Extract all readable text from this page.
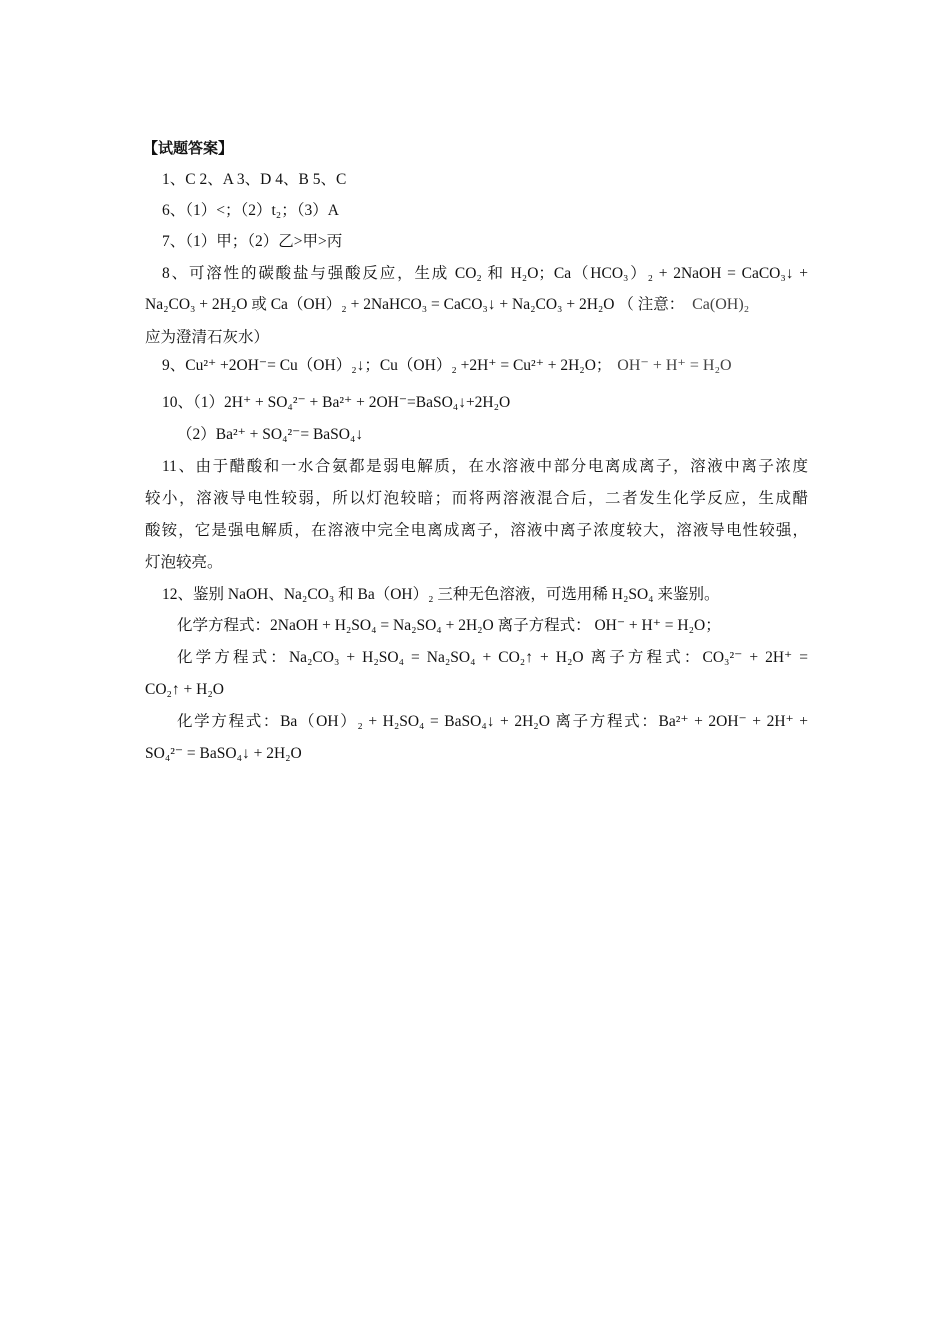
【试题答案】
1、C 2、A 3、D 4、B 5、C
6、（1）<；（2）t₂；（3）A
7、（1）甲；（2）乙>甲>丙
8、可溶性的碳酸盐与强酸反应，生成 CO₂ 和 H₂O；Ca（HCO₃）₂ + 2NaOH = CaCO₃↓ +
Na₂CO₃ + 2H₂O 或 Ca（OH）₂ + 2NaHCO₃ = CaCO₃↓ + Na₂CO₃ + 2H₂O （ 注意： Ca(OH)₂
应为澄清石灰水）
9、Cu²⁺ +2OH⁻= Cu（OH）₂↓；Cu（OH）₂ +2H⁺ = Cu²⁺ + 2H₂O； OH⁻ + H⁺ = H₂O
10、（1）2H⁺ + SO₄²⁻ + Ba²⁺ + 2OH⁻=BaSO₄↓+2H₂O
（2）Ba²⁺ + SO₄²⁻= BaSO₄↓
11、由于醋酸和一水合氨都是弱电解质，在水溶液中部分电离成离子，溶液中离子浓度
较小，溶液导电性较弱，所以灯泡较暗；而将两溶液混合后，二者发生化学反应，生成醋
酸铵，它是强电解质，在溶液中完全电离成离子，溶液中离子浓度较大，溶液导电性较强，
灯泡较亮。
12、鉴别 NaOH、Na₂CO₃ 和 Ba（OH）₂ 三种无色溶液，可选用稀 H₂SO₄ 来鉴别。
化学方程式：2NaOH + H₂SO₄ = Na₂SO₄ + 2H₂O 离子方程式： OH⁻ + H⁺ = H₂O；
化学方程式：Na₂CO₃ + H₂SO₄ = Na₂SO₄ + CO₂↑ + H₂O 离子方程式：CO₃²⁻ + 2H⁺ =
CO₂↑ + H₂O
化学方程式：Ba（OH）₂ + H₂SO₄ = BaSO₄↓ + 2H₂O 离子方程式：Ba²⁺ + 2OH⁻ + 2H⁺ +
SO₄²⁻ = BaSO₄↓ + 2H₂O
